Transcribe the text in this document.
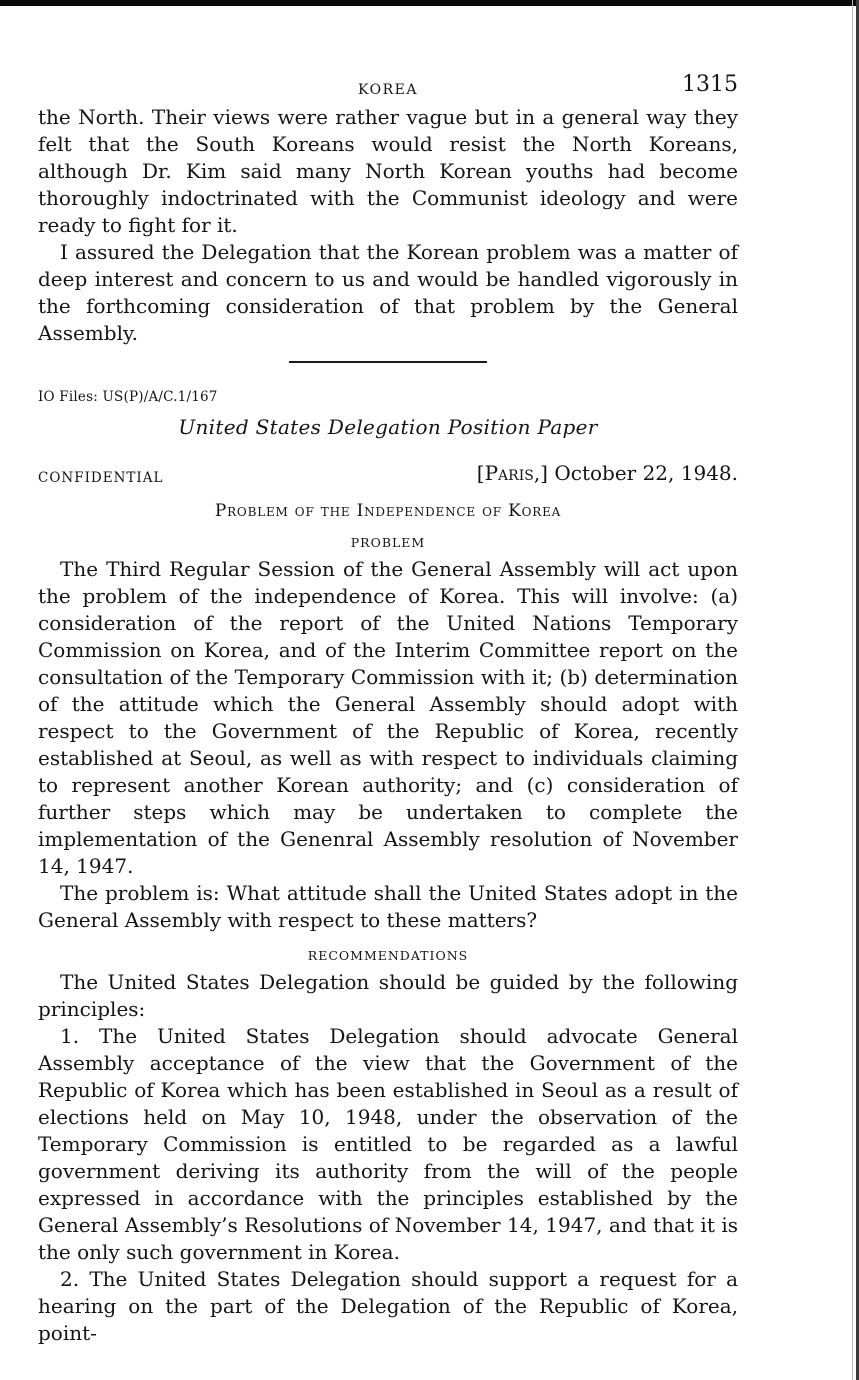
KOREA	1315

the North. Their views were rather vague but in a general way they felt that the South Koreans would resist the North Koreans, although Dr. Kim said many North Korean youths had become thoroughly indoctrinated with the Communist ideology and were ready to fight for it.

I assured the Delegation that the Korean problem was a matter of deep interest and concern to us and would be handled vigorously in the forthcoming consideration of that problem by the General Assembly.

IO Files: US(P)/A/C.1/167
United States Delegation Position Paper
CONFIDENTIAL	[Paris,] October 22, 1948.
Problem of the Independence of Korea
PROBLEM

The Third Regular Session of the General Assembly will act upon the problem of the independence of Korea. This will involve: (a) consideration of the report of the United Nations Temporary Commission on Korea, and of the Interim Committee report on the consultation of the Temporary Commission with it; (b) determination of the attitude which the General Assembly should adopt with respect to the Government of the Republic of Korea, recently established at Seoul, as well as with respect to individuals claiming to represent another Korean authority; and (c) consideration of further steps which may be undertaken to complete the implementation of the Genenral Assembly resolution of November 14, 1947.

The problem is: What attitude shall the United States adopt in the General Assembly with respect to these matters?

RECOMMENDATIONS

The United States Delegation should be guided by the following principles:

1. The United States Delegation should advocate General Assembly acceptance of the view that the Government of the Republic of Korea which has been established in Seoul as a result of elections held on May 10, 1948, under the observation of the Temporary Commission is entitled to be regarded as a lawful government deriving its authority from the will of the people expressed in accordance with the principles established by the General Assembly’s Resolutions of November 14, 1947, and that it is the only such government in Korea.

2. The United States Delegation should support a request for a hearing on the part of the Delegation of the Republic of Korea, point-
